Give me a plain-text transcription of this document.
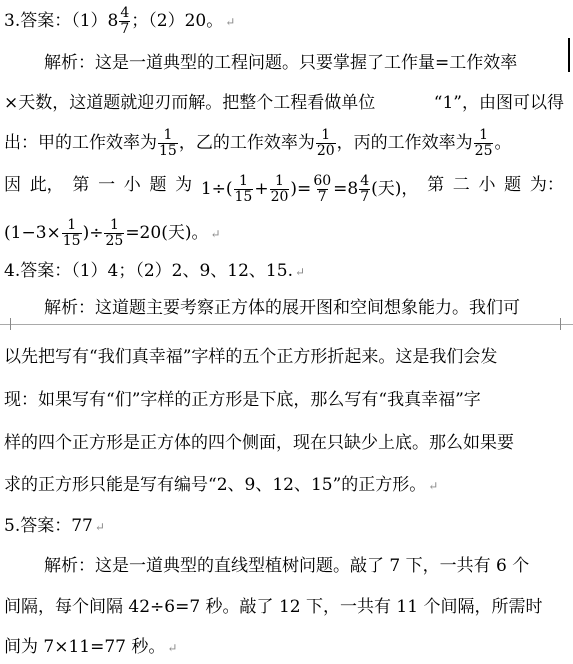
3.答案：$(1)8 \frac{4}{7}$ ；（2）20。 ↵
解析：这是一道典型的工程问题。只要掌握了工作量=工作效率
×天数，这道题就迎刃而解。把整个工程看做单位	“1”，由图可以得
出：甲的工作效率为 $\frac{1}{15}$ ，乙的工作效率为 $\frac{1}{20}$ ，丙的工作效率为 $\frac{1}{25}$ 。
因 此， 第 一 小 题 为 $1\div( \frac{1}{15} + \frac{1}{20}$ )= $\frac{60}{7} =8 \frac{4}{7}$ (天)， 第 二 小 题 为：
($1-3\times \frac{1}{15}$ )÷ $\frac{1}{25} =20$(天)。 ↵
4.答案：（1）4；（2）2、9、12、15. ↵
解析：这道题主要考察正方体的展开图和空间想象能力。我们可
以先把写有“我们真幸福”字样的五个正方形折起来。这是我们会发
现：如果写有“们”字样的正方形是下底，那么写有“我真幸福”字
样的四个正方形是正方体的四个侧面，现在只缺少上底。那么如果要
求的正方形只能是写有编号“2、9、12、15”的正方形。 ↵
5.答案：77 ↵
解析：这是一道典型的直线型植树问题。敲了 7 下，一共有 6 个
间隔，每个间隔 42÷6=7 秒。敲了 12 下，一共有 11 个间隔，所需时
间为 7×11=77 秒。 ↵
